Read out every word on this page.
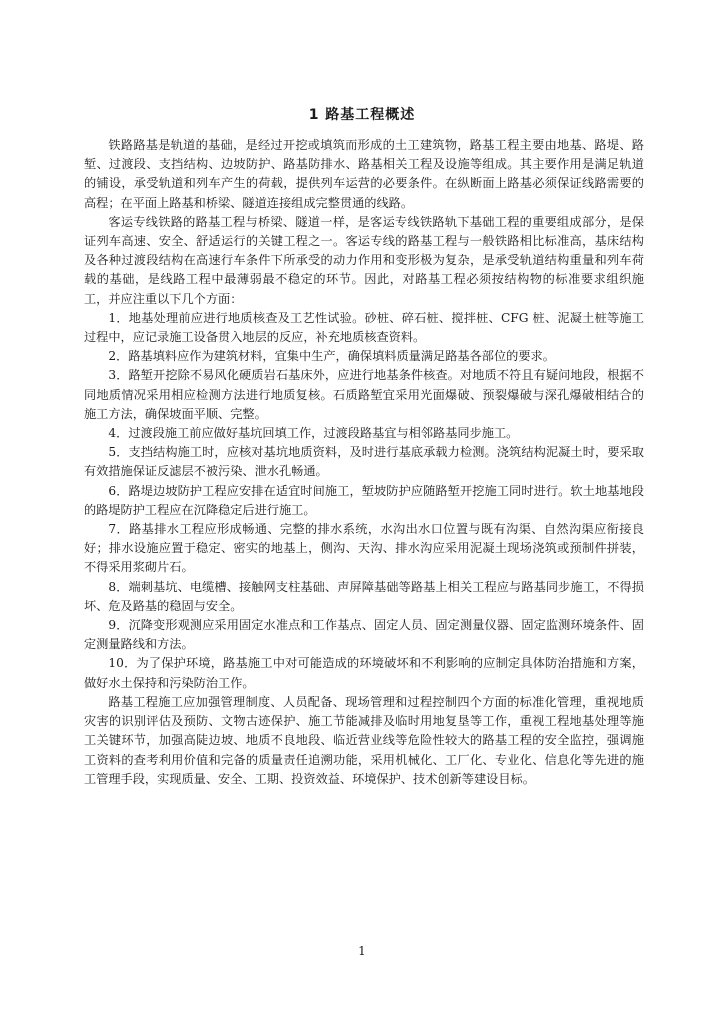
1 路基工程概述

铁路路基是轨道的基础，是经过开挖或填筑而形成的土工建筑物，路基工程主要由地基、路堤、路堑、过渡段、支挡结构、边坡防护、路基防排水、路基相关工程及设施等组成。其主要作用是满足轨道的铺设，承受轨道和列车产生的荷载，提供列车运营的必要条件。在纵断面上路基必须保证线路需要的高程；在平面上路基和桥梁、隧道连接组成完整贯通的线路。

客运专线铁路的路基工程与桥梁、隧道一样，是客运专线铁路轨下基础工程的重要组成部分，是保证列车高速、安全、舒适运行的关键工程之一。客运专线的路基工程与一般铁路相比标准高，基床结构及各种过渡段结构在高速行车条件下所承受的动力作用和变形极为复杂，是承受轨道结构重量和列车荷载的基础，是线路工程中最薄弱最不稳定的环节。因此，对路基工程必须按结构物的标准要求组织施工，并应注重以下几个方面：

1．地基处理前应进行地质核查及工艺性试验。砂桩、碎石桩、搅拌桩、CFG 桩、泥凝土桩等施工过程中，应记录施工设备贯入地层的反应，补充地质核查资料。

2．路基填料应作为建筑材料，宜集中生产，确保填料质量满足路基各部位的要求。

3．路堑开挖除不易风化硬质岩石基床外，应进行地基条件核查。对地质不符且有疑问地段，根据不同地质情况采用相应检测方法进行地质复核。石质路堑宜采用光面爆破、预裂爆破与深孔爆破相结合的施工方法，确保坡面平顺、完整。

4．过渡段施工前应做好基坑回填工作，过渡段路基宜与相邻路基同步施工。

5．支挡结构施工时，应核对基坑地质资料，及时进行基底承载力检测。浇筑结构泥凝土时，要采取有效措施保证反滤层不被污染、泄水孔畅通。

6．路堤边坡防护工程应安排在适宜时间施工，堑坡防护应随路堑开挖施工同时进行。软土地基地段的路堤防护工程应在沉降稳定后进行施工。

7．路基排水工程应形成畅通、完整的排水系统，水沟出水口位置与既有沟渠、自然沟渠应衔接良好；排水设施应置于稳定、密实的地基上，侧沟、天沟、排水沟应采用泥凝土现场浇筑或预制件拼装，不得采用浆砌片石。

8．端刺基坑、电缆槽、接触网支柱基础、声屏障基础等路基上相关工程应与路基同步施工，不得损坏、危及路基的稳固与安全。

9．沉降变形观测应采用固定水准点和工作基点、固定人员、固定测量仪器、固定监测环境条件、固定测量路线和方法。

10．为了保护环境，路基施工中对可能造成的环境破坏和不利影响的应制定具体防治措施和方案，做好水土保持和污染防治工作。

路基工程施工应加强管理制度、人员配备、现场管理和过程控制四个方面的标准化管理，重视地质灾害的识别评估及预防、文物古迹保护、施工节能减排及临时用地复垦等工作，重视工程地基处理等施工关键环节，加强高陡边坡、地质不良地段、临近营业线等危险性较大的路基工程的安全监控，强调施工资料的查考利用价值和完备的质量责任追溯功能，采用机械化、工厂化、专业化、信息化等先进的施工管理手段，实现质量、安全、工期、投资效益、环境保护、技术创新等建设目标。

1
